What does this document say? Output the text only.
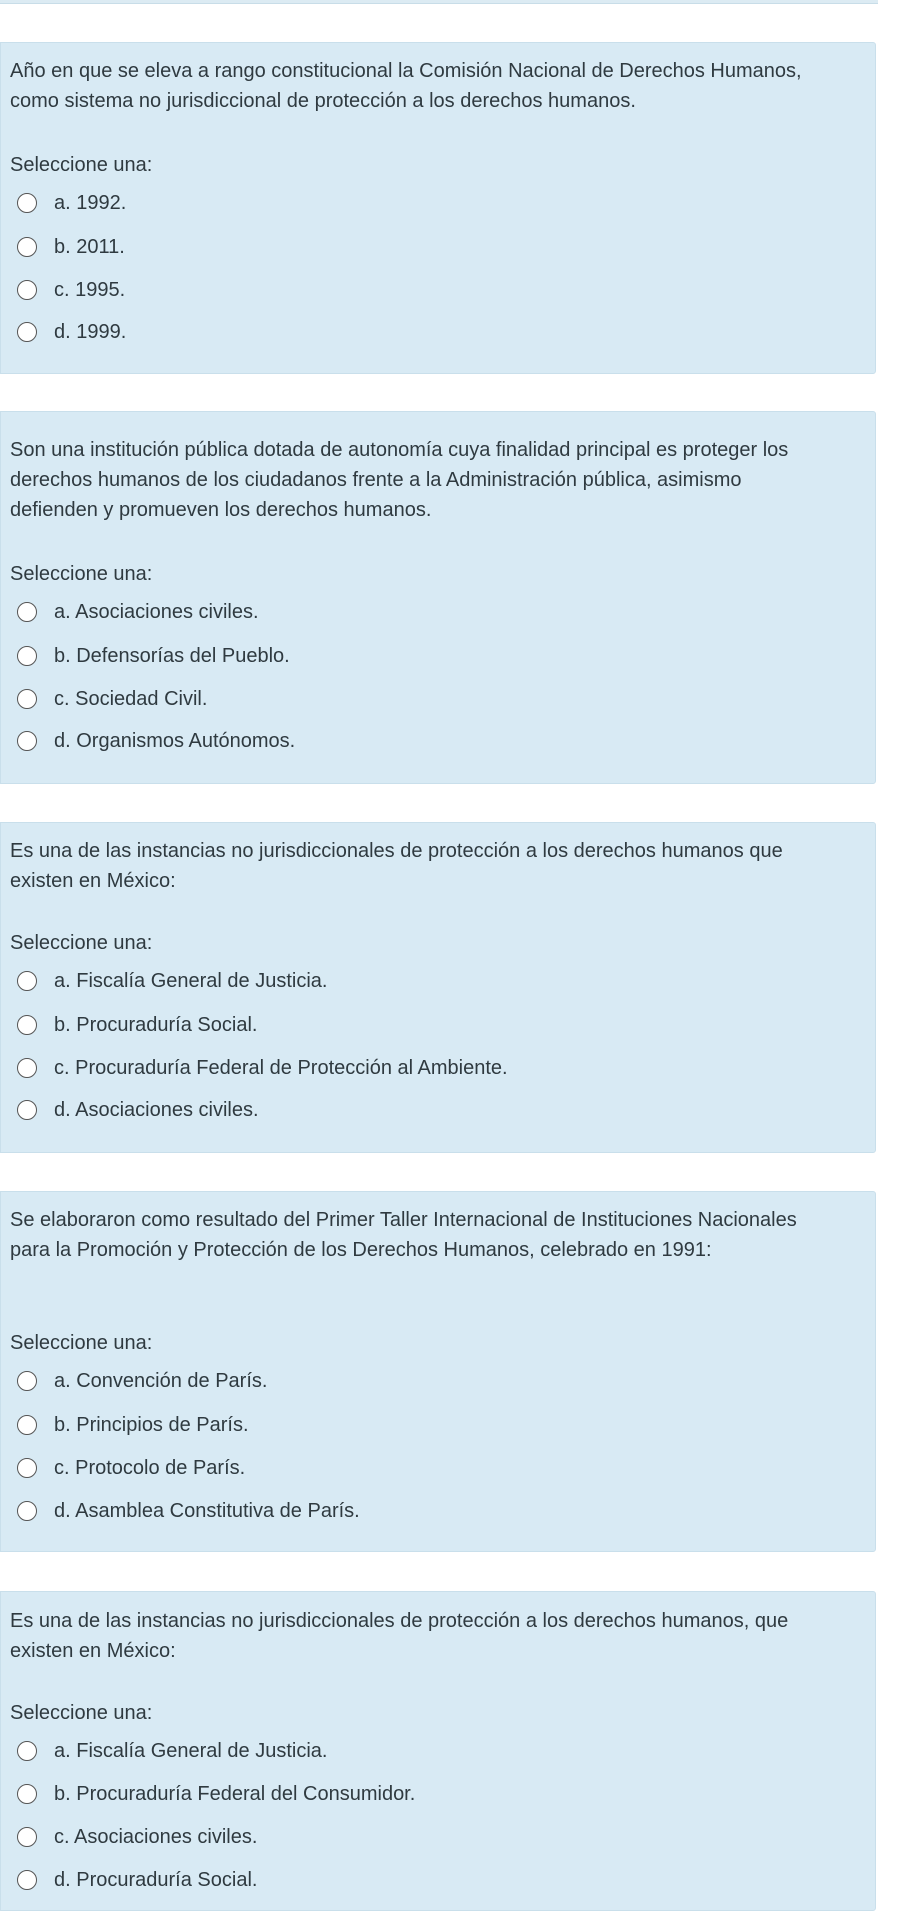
Año en que se eleva a rango constitucional la Comisión Nacional de Derechos Humanos, como sistema no jurisdiccional de protección a los derechos humanos.
Seleccione una:
a. 1992.
b. 2011.
c. 1995.
d. 1999.
Son una institución pública dotada de autonomía cuya finalidad principal es proteger los derechos humanos de los ciudadanos frente a la Administración pública, asimismo defienden y promueven los derechos humanos.
Seleccione una:
a. Asociaciones civiles.
b. Defensorías del Pueblo.
c. Sociedad Civil.
d. Organismos Autónomos.
Es una de las instancias no jurisdiccionales de protección a los derechos humanos que existen en México:
Seleccione una:
a. Fiscalía General de Justicia.
b. Procuraduría Social.
c. Procuraduría Federal de Protección al Ambiente.
d. Asociaciones civiles.
Se elaboraron como resultado del Primer Taller Internacional de Instituciones Nacionales para la Promoción y Protección de los Derechos Humanos, celebrado en 1991:
Seleccione una:
a. Convención de París.
b. Principios de París.
c. Protocolo de París.
d. Asamblea Constitutiva de París.
Es una de las instancias no jurisdiccionales de protección a los derechos humanos, que existen en México:
Seleccione una:
a. Fiscalía General de Justicia.
b. Procuraduría Federal del Consumidor.
c. Asociaciones civiles.
d. Procuraduría Social.
